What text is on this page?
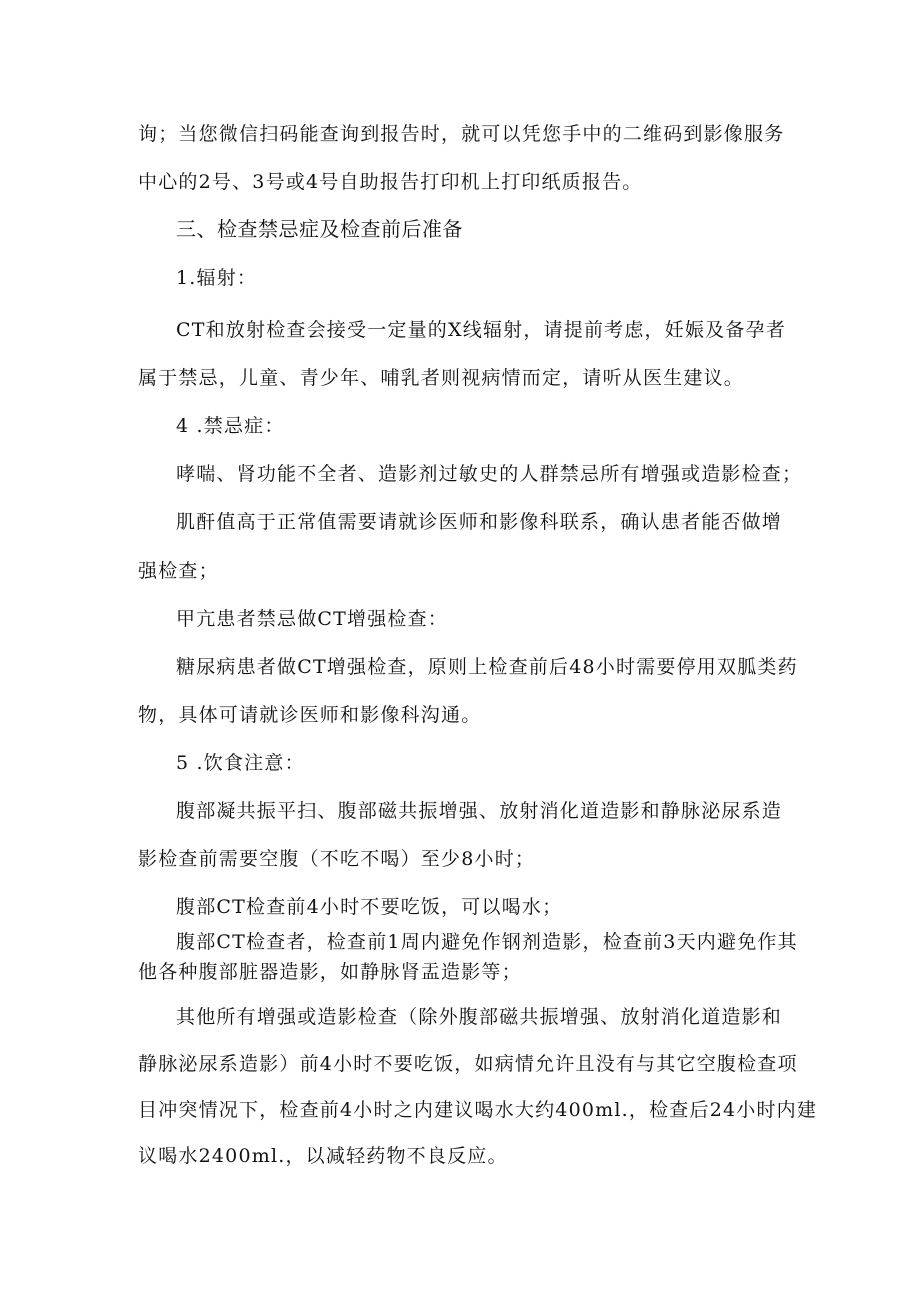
询；当您微信扫码能查询到报告时，就可以凭您手中的二维码到影像服务
中心的2号、3号或4号自助报告打印机上打印纸质报告。
三、检查禁忌症及检查前后准备
1.辐射：
CT和放射检查会接受一定量的X线辐射，请提前考虑，妊娠及备孕者
属于禁忌，儿童、青少年、哺乳者则视病情而定，请听从医生建议。
4 .禁忌症：
哮喘、肾功能不全者、造影剂过敏史的人群禁忌所有增强或造影检查；
肌酐值高于正常值需要请就诊医师和影像科联系，确认患者能否做增
强检查；
甲亢患者禁忌做CT增强检查：
糖尿病患者做CT增强检查，原则上检查前后48小时需要停用双胍类药
物，具体可请就诊医师和影像科沟通。
5 .饮食注意：
腹部凝共振平扫、腹部磁共振增强、放射消化道造影和静脉泌尿系造
影检查前需要空腹（不吃不喝）至少8小时；
腹部CT检查前4小时不要吃饭，可以喝水；
腹部CT检查者，检查前1周内避免作钢剂造影，检查前3天内避免作其
他各种腹部脏器造影，如静脉肾盂造影等；
其他所有增强或造影检查（除外腹部磁共振增强、放射消化道造影和
静脉泌尿系造影）前4小时不要吃饭，如病情允许且没有与其它空腹检查项
目冲突情况下，检查前4小时之内建议喝水大约400ml.，检查后24小时内建
议喝水2400ml.，以减轻药物不良反应。
